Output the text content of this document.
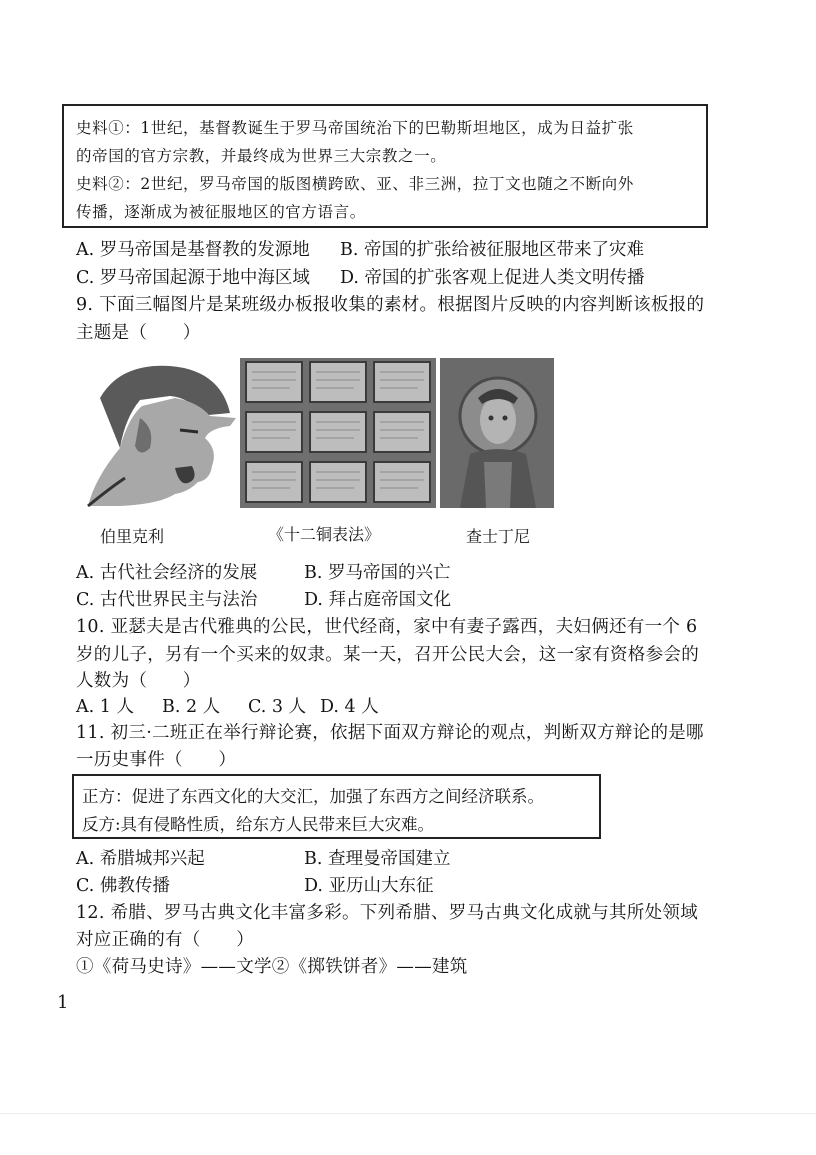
史料①：1世纪，基督教诞生于罗马帝国统治下的巴勒斯坦地区，成为日益扩张
的帝国的官方宗教，并最终成为世界三大宗教之一。
史料②：2世纪，罗马帝国的版图横跨欧、亚、非三洲，拉丁文也随之不断向外
传播，逐渐成为被征服地区的官方语言。
A. 罗马帝国是基督教的发源地 B. 帝国的扩张给被征服地区带来了灾难
C. 罗马帝国起源于地中海区域 D. 帝国的扩张客观上促进人类文明传播
9. 下面三幅图片是某班级办板报收集的素材。根据图片反映的内容判断该板报的
主题是（　　）
伯里克利	《十二铜表法》	查士丁尼
A. 古代社会经济的发展	B. 罗马帝国的兴亡
C. 古代世界民主与法治	D. 拜占庭帝国文化
10. 亚瑟夫是古代雅典的公民，世代经商，家中有妻子露西，夫妇俩还有一个 6
岁的儿子，另有一个买来的奴隶。某一天，召开公民大会，这一家有资格参会的
人数为（　　）
A. 1 人 B. 2 人 C. 3 人 D. 4 人
11. 初三·二班正在举行辩论赛，依据下面双方辩论的观点，判断双方辩论的是哪
一历史事件（　　）
正方：促进了东西文化的大交汇，加强了东西方之间经济联系。
反方:具有侵略性质，给东方人民带来巨大灾难。
A. 希腊城邦兴起	B. 查理曼帝国建立
C. 佛教传播	D. 亚历山大东征
12. 希腊、罗马古典文化丰富多彩。下列希腊、罗马古典文化成就与其所处领域
对应正确的有（　　）
①《荷马史诗》——文学②《掷铁饼者》——建筑
1
